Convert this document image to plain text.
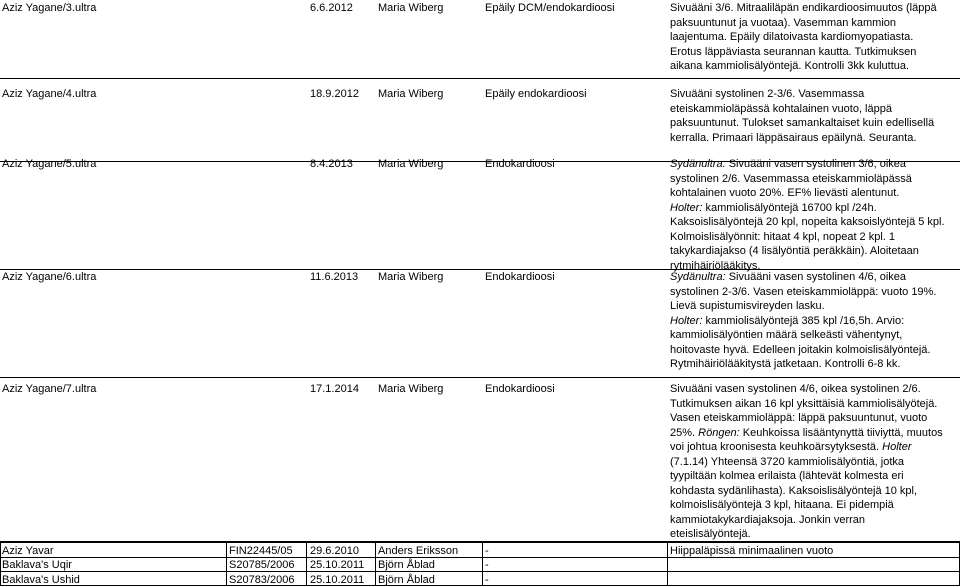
Aziz Yagane/3.ultra	6.6.2012 Maria Wiberg	Epäily DCM/endokardioosi	Sivuääni 3/6. Mitraaliläpän endikardioosimuutos (läppä
paksuuntunut ja vuotaa). Vasemman kammion
laajentuma. Epäily dilatoivasta kardiomyopatiasta.
Erotus läppäviasta seurannan kautta. Tutkimuksen
aikana kammiolisälyöntejä. Kontrolli 3kk kuluttua.
Aziz Yagane/4.ultra	18.9.2012 Maria Wiberg	Epäily endokardioosi	Sivuääni systolinen 2-3/6. Vasemmassa
eteiskammioläpässä kohtalainen vuoto, läppä
paksuuntunut. Tulokset samankaltaiset kuin edellisellä
kerralla. Primaari läppäsairaus epäilynä. Seuranta.
Aziz Yagane/5.ultra	8.4.2013 Maria Wiberg	Endokardioosi	Sydänultra: Sivuääni vasen systolinen 3/6, oikea
systolinen 2/6. Vasemmassa eteiskammioläpässä
kohtalainen vuoto 20%. EF% lievästi alentunut.
Holter: kammiolisälyöntejä 16700 kpl /24h.
Kaksoislisälyöntejä 20 kpl, nopeita kaksoislyöntejä 5 kpl.
Kolmoislisälyönnit: hitaat 4 kpl, nopeat 2 kpl. 1
takykardiajakso (4 lisälyöntiä peräkkäin). Aloitetaan
rytmihäiriölääkitys.
Aziz Yagane/6.ultra	11.6.2013 Maria Wiberg	Endokardioosi	Sydänultra: Sivuääni vasen systolinen 4/6, oikea
systolinen 2-3/6. Vasen eteiskammioläppä: vuoto 19%.
Lievä supistumisvireyden lasku.
Holter: kammiolisälyöntejä 385 kpl /16,5h. Arvio:
kammiolisälyöntien määrä selkeästi vähentynyt,
hoitovaste hyvä. Edelleen joitakin kolmoislisälyöntejä.
Rytmihäiriölääkitystä jatketaan. Kontrolli 6-8 kk.
Aziz Yagane/7.ultra	17.1.2014 Maria Wiberg	Endokardioosi	Sivuääni vasen systolinen 4/6, oikea systolinen 2/6.
Tutkimuksen aikan 16 kpl yksittäisiä kammiolisälyötejä.
Vasen eteiskammioläppä: läppä paksuuntunut, vuoto
25%. Röngen: Keuhkoissa lisääntynyttä tiiviyttä, muutos
voi johtua kroonisesta keuhkoärsytyksestä. Holter
(7.1.14) Yhteensä 3720 kammiolisälyöntiä, jotka
tyypiltään kolmea erilaista (lähtevät kolmesta eri
kohdasta sydänlihasta). Kaksoislisälyöntejä 10 kpl,
kolmoislisälyöntejä 3 kpl, hitaana. Ei pidempiä
kammiotakykardiajaksoja. Jonkin verran
eteislisälyöntejä.
Aziz Yavar	FIN22445/05 29.6.2010 Anders Eriksson -	Hiippaläpissä minimaalinen vuoto
Baklava's Uqir	S20785/2006 25.10.2011 Björn Åblad	-
Baklava's Ushid	S20783/2006 25.10.2011 Björn Åblad	-
